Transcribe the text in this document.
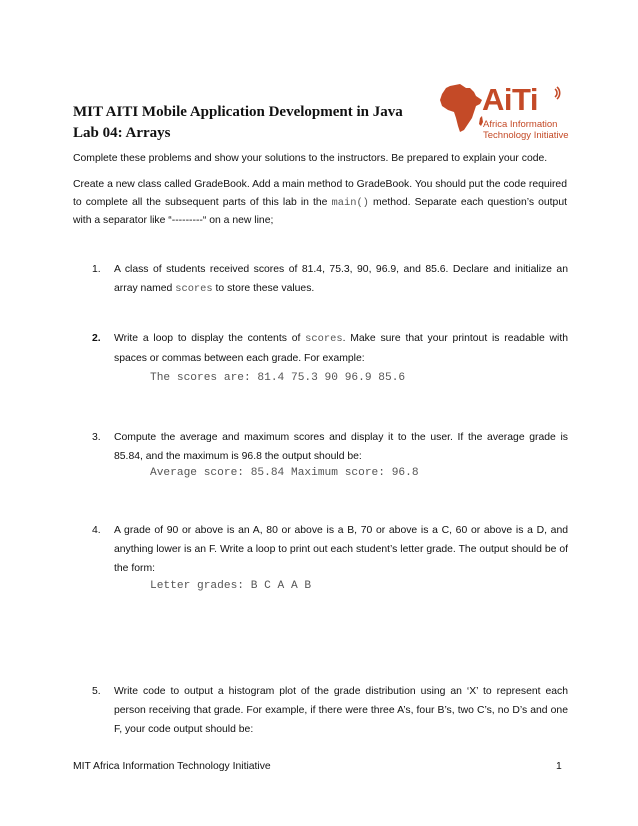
MIT AITI Mobile Application Development in Java
Lab 04: Arrays
AiTi
Africa Information
Technology Initiative
Complete these problems and show your solutions to the instructors. Be prepared to explain your code.
Create a new class called GradeBook. Add a main method to GradeBook. You should put the code required to complete all the subsequent parts of this lab in the main() method. Separate each question’s output with a separator like “---------“ on a new line;
1. A class of students received scores of 81.4, 75.3, 90, 96.9, and 85.6. Declare and initialize an array named scores to store these values.
2. Write a loop to display the contents of scores. Make sure that your printout is readable with spaces or commas between each grade. For example:
The scores are: 81.4 75.3 90 96.9 85.6
3. Compute the average and maximum scores and display it to the user. If the average grade is 85.84, and the maximum is 96.8 the output should be:
Average score: 85.84 Maximum score: 96.8
4. A grade of 90 or above is an A, 80 or above is a B, 70 or above is a C, 60 or above is a D, and anything lower is an F. Write a loop to print out each student’s letter grade. The output should be of the form:
Letter grades: B C A A B
5. Write code to output a histogram plot of the grade distribution using an ‘X’ to represent each person receiving that grade. For example, if there were three A’s, four B’s, two C’s, no D’s and one F, your code output should be:
MIT Africa Information Technology Initiative	1
